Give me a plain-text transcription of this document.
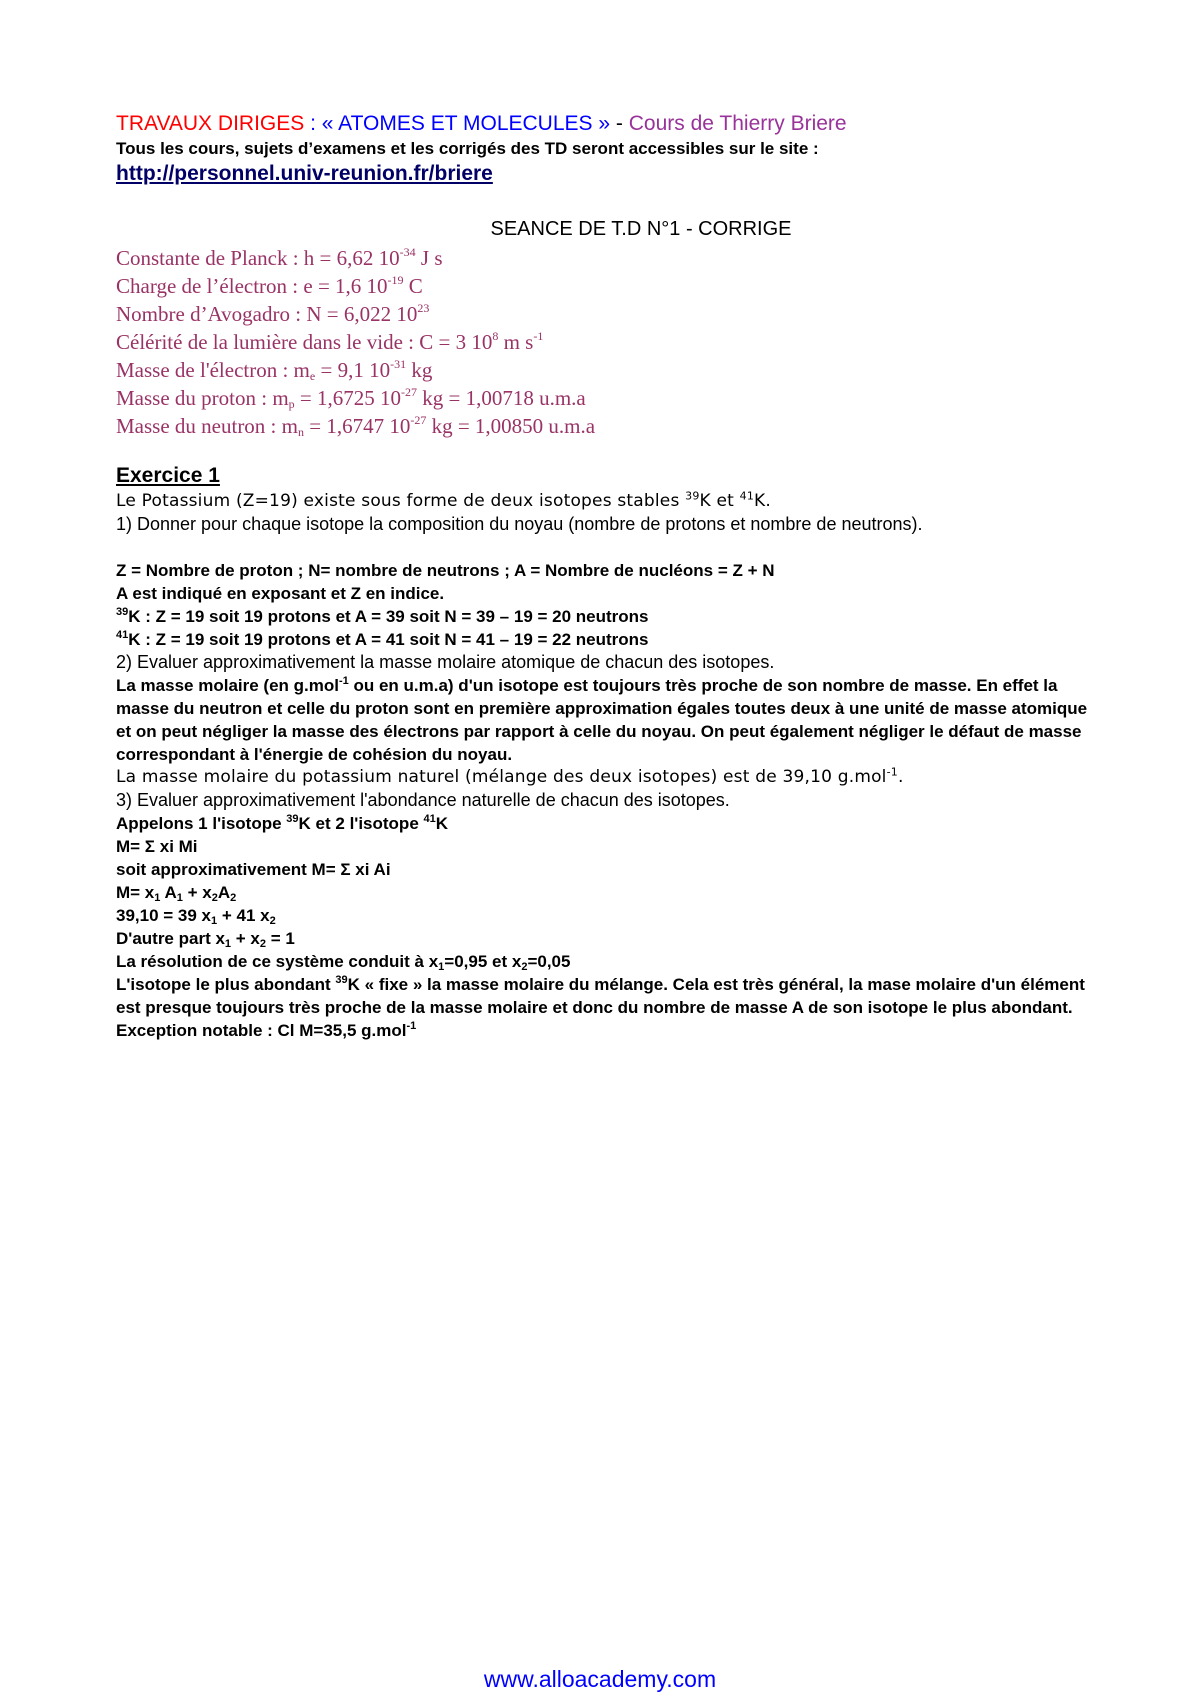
TRAVAUX DIRIGES : « ATOMES ET MOLECULES » - Cours de Thierry Briere
Tous les cours, sujets d’examens et les corrigés des TD seront accessibles sur le site :
http://personnel.univ-reunion.fr/briere
SEANCE DE T.D N°1 - CORRIGE
Constante de Planck : h = 6,62 $10^{-34}$ J s
Charge de l’électron : e = 1,6 $10^{-19}$ C
Nombre d’Avogadro : N = 6,022 $10^{23}$
Célérité de la lumière dans le vide : C = 3 $10^8$ m $s^{-1}$
Masse de l'électron : $m_e = 9,1$ $10^{-31}$ kg
Masse du proton : $m_p = 1,6725$ $10^{-27}$ kg = 1,00718 u.m.a
Masse du neutron : $m_n = 1,6747$ $10^{-27}$ kg = 1,00850 u.m.a
Exercice 1
Le Potassium (Z=19) existe sous forme de deux isotopes stables $^{39}$K et $^{41}$K.
1) Donner pour chaque isotope la composition du noyau (nombre de protons et nombre de neutrons).
Z = Nombre de proton ; N= nombre de neutrons ; A = Nombre de nucléons = Z + N
A est indiqué en exposant et Z en indice.
$^{39}$K : Z = 19 soit 19 protons et A = 39 soit N = 39 – 19 = 20 neutrons
$^{41}$K : Z = 19 soit 19 protons et A = 41 soit N = 41 – 19 = 22 neutrons
2) Evaluer approximativement la masse molaire atomique de chacun des isotopes.
La masse molaire (en g.mol$^{-1}$ ou en u.m.a) d'un isotope est toujours très proche de son nombre de masse. En effet la masse du neutron et celle du proton sont en première approximation égales toutes deux à une unité de masse atomique et on peut négliger la masse des électrons par rapport à celle du noyau. On peut également négliger le défaut de masse correspondant à l'énergie de cohésion du noyau.
La masse molaire du potassium naturel (mélange des deux isotopes) est de 39,10 g.mol$^{-1}$.
3) Evaluer approximativement l'abondance naturelle de chacun des isotopes.
Appelons 1 l'isotope $^{39}$K et 2 l'isotope $^{41}$K
M= Σ xi Mi
soit approximativement M= Σ xi Ai
$M= x_1$ $A_1 + x_2A_2$
39,10 = 39 $x_1 + 41$ $x_2$
D'autre part $x_1 + x_2 = 1$
La résolution de ce système conduit à $x_1=0,95$ et $x_2=0,05$
L'isotope le plus abondant $^{39}$K « fixe » la masse molaire du mélange. Cela est très général, la mase molaire d'un élément est presque toujours très proche de la masse molaire et donc du nombre de masse A de son isotope le plus abondant.
Exception notable : Cl M=35,5 g.mol$^{-1}$
www.alloacademy.com
